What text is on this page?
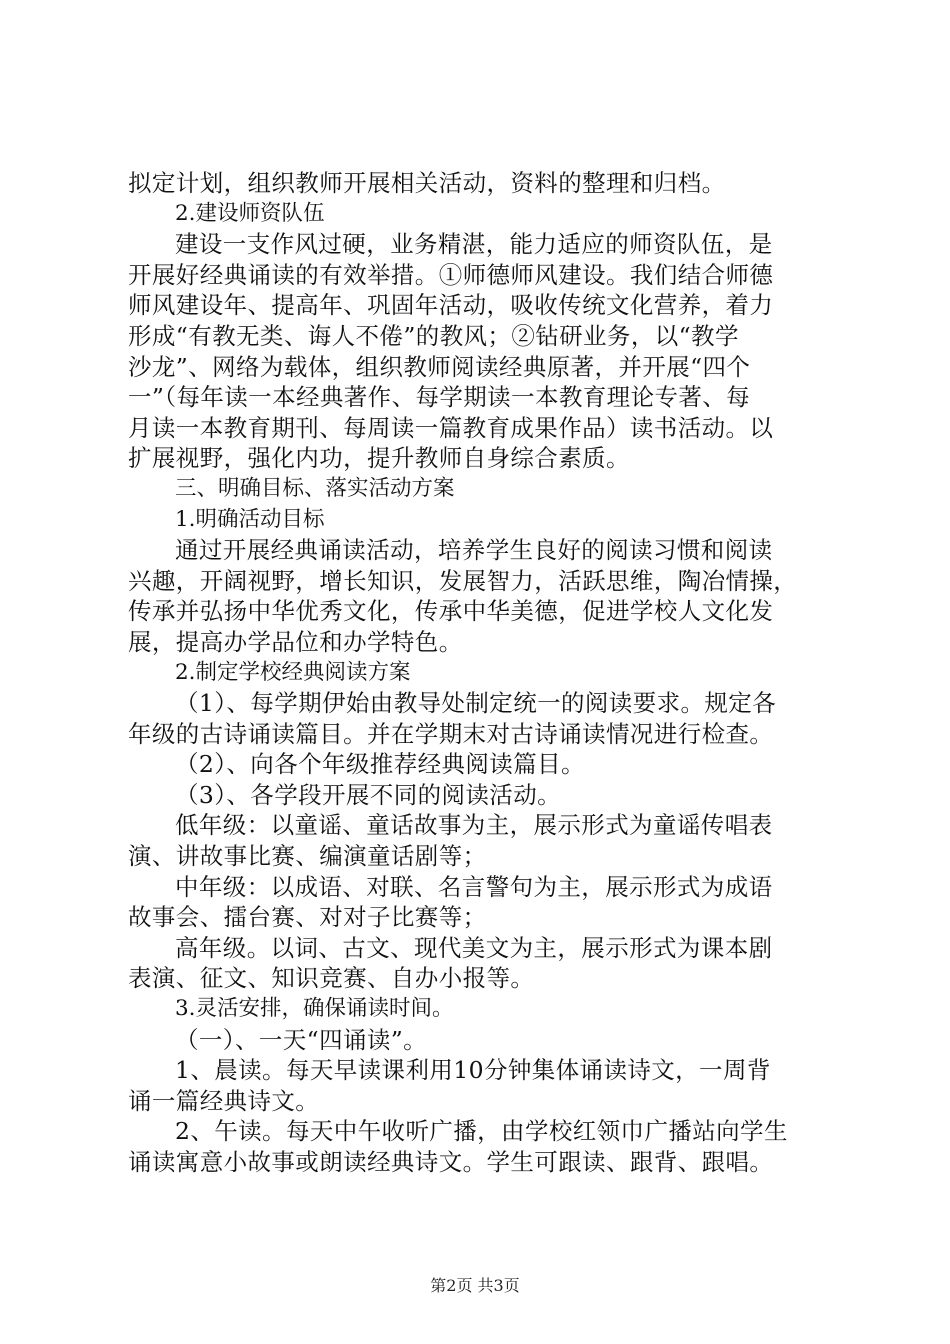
拟定计划，组织教师开展相关活动，资料的整理和归档。
2.建设师资队伍
建设一支作风过硬，业务精湛，能力适应的师资队伍，是
开展好经典诵读的有效举措。①师德师风建设。我们结合师德
师风建设年、提高年、巩固年活动，吸收传统文化营养，着力
形成“有教无类、诲人不倦”的教风；②钻研业务，以“教学
沙龙”、网络为载体，组织教师阅读经典原著，并开展“四个
一”（每年读一本经典著作、每学期读一本教育理论专著、每
月读一本教育期刊、每周读一篇教育成果作品）读书活动。以
扩展视野，强化内功，提升教师自身综合素质。
三、明确目标、落实活动方案
1.明确活动目标
通过开展经典诵读活动，培养学生良好的阅读习惯和阅读
兴趣，开阔视野，增长知识，发展智力，活跃思维，陶冶情操，
传承并弘扬中华优秀文化，传承中华美德，促进学校人文化发
展，提高办学品位和办学特色。
2.制定学校经典阅读方案
（1）、每学期伊始由教导处制定统一的阅读要求。规定各
年级的古诗诵读篇目。并在学期末对古诗诵读情况进行检查。
（2）、向各个年级推荐经典阅读篇目。
（3）、各学段开展不同的阅读活动。
低年级：以童谣、童话故事为主，展示形式为童谣传唱表
演、讲故事比赛、编演童话剧等；
中年级：以成语、对联、名言警句为主，展示形式为成语
故事会、擂台赛、对对子比赛等；
高年级。以词、古文、现代美文为主，展示形式为课本剧
表演、征文、知识竞赛、自办小报等。
3.灵活安排，确保诵读时间。
（一）、一天“四诵读”。
1、晨读。每天早读课利用10分钟集体诵读诗文，一周背
诵一篇经典诗文。
2、午读。每天中午收听广播，由学校红领巾广播站向学生
诵读寓意小故事或朗读经典诗文。学生可跟读、跟背、跟唱。
第2页 共3页
